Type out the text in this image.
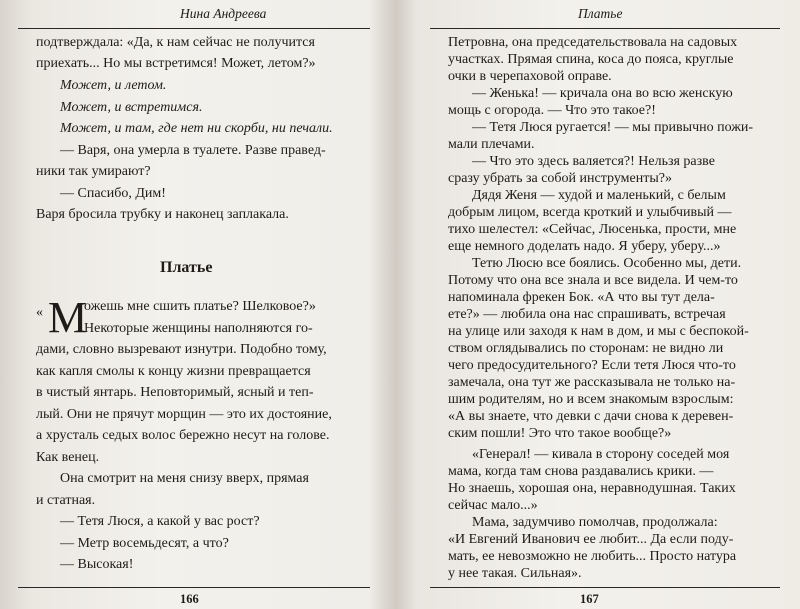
Нина Андреева
подтверждала: «Да, к нам сейчас не получится
приехать... Но мы встретимся! Может, летом?»
Может, и летом.
Может, и встретимся.
Может, и там, где нет ни скорби, ни печали.
— Варя, она умерла в туалете. Разве правед-
ники так умирают?
— Спасибо, Дим!
Варя бросила трубку и наконец заплакала.
Платье
« М
ожешь мне сшить платье? Шелковое?»
Некоторые женщины наполняются го-
дами, словно вызревают изнутри. Подобно тому,
как капля смолы к концу жизни превращается
в чистый янтарь. Неповторимый, ясный и теп-
лый. Они не прячут морщин — это их достояние,
а хрусталь седых волос бережно несут на голове.
Как венец.
Она смотрит на меня снизу вверх, прямая
и статная.
— Тетя Люся, а какой у вас рост?
— Метр восемьдесят, а что?
— Высокая!
166
Платье
Петровна, она председательствовала на садовых
участках. Прямая спина, коса до пояса, круглые
очки в черепаховой оправе.
— Женька! — кричала она во всю женскую
мощь с огорода. — Что это такое?!
— Тетя Люся ругается! — мы привычно пожи-
мали плечами.
— Что это здесь валяется?! Нельзя разве
сразу убрать за собой инструменты?»
Дядя Женя — худой и маленький, с белым
добрым лицом, всегда кроткий и улыбчивый —
тихо шелестел: «Сейчас, Люсенька, прости, мне
еще немного доделать надо. Я уберу, уберу...»
Тетю Люсю все боялись. Особенно мы, дети.
Потому что она все знала и все видела. И чем-то
напоминала фрекен Бок. «А что вы тут делa-
ете?» — любила она нас спрашивать, встречая
на улице или заходя к нам в дом, и мы с беспокой-
ством оглядывались по сторонам: не видно ли
чего предосудительного? Если тетя Люся что-то
замечала, она тут же рассказывала не только на-
шим родителям, но и всем знакомым взрослым:
«А вы знаете, что девки с дачи снова к деревен-
ским пошли! Это что такое вообще?»
«Генерал! — кивала в сторону соседей моя
мама, когда там снова раздавались крики. —
Но знаешь, хорошая она, неравнодушная. Таких
сейчас мало...»
Мама, задумчиво помолчав, продолжала:
«И Евгений Иванович ее любит... Да если поду-
мать, ее невозможно не любить... Просто натура
у нее такая. Сильная».
167
